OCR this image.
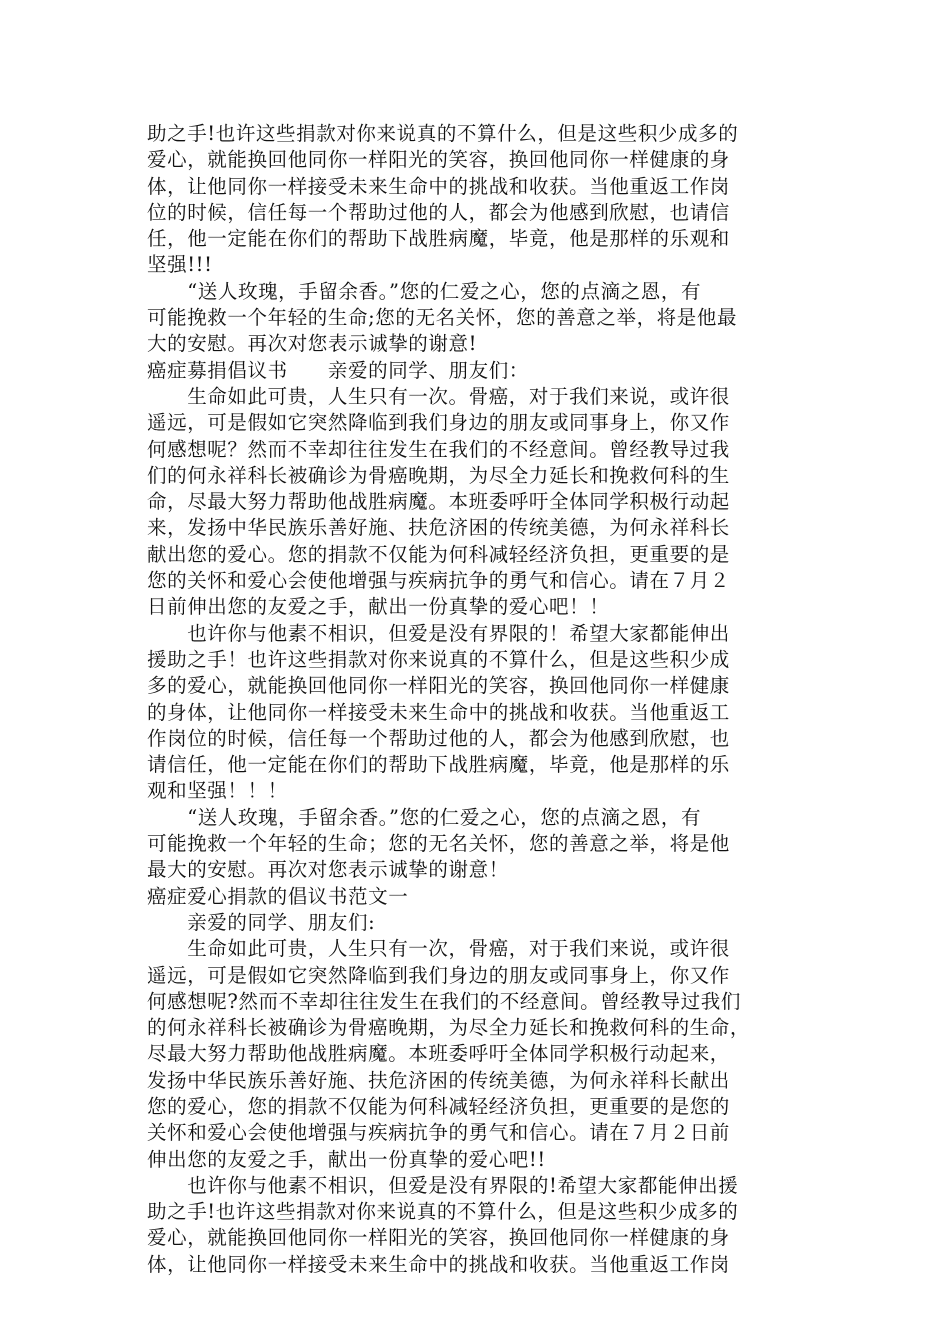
助之手!也许这些捐款对你来说真的不算什么，但是这些积少成多的
爱心，就能换回他同你一样阳光的笑容，换回他同你一样健康的身
体，让他同你一样接受未来生命中的挑战和收获。当他重返工作岗
位的时候，信任每一个帮助过他的人，都会为他感到欣慰，也请信
任，他一定能在你们的帮助下战胜病魔，毕竟，他是那样的乐观和
坚强!!!
　　“送人玫瑰，手留余香。”您的仁爱之心，您的点滴之恩，有
可能挽救一个年轻的生命;您的无名关怀，您的善意之举，将是他最
大的安慰。再次对您表示诚挚的谢意!
癌症募捐倡议书　　亲爱的同学、朋友们：
　　生命如此可贵，人生只有一次。骨癌，对于我们来说，或许很
遥远，可是假如它突然降临到我们身边的朋友或同事身上，你又作
何感想呢？然而不幸却往往发生在我们的不经意间。曾经教导过我
们的何永祥科长被确诊为骨癌晚期，为尽全力延长和挽救何科的生
命，尽最大努力帮助他战胜病魔。本班委呼吁全体同学积极行动起
来，发扬中华民族乐善好施、扶危济困的传统美德，为何永祥科长
献出您的爱心。您的捐款不仅能为何科减轻经济负担，更重要的是
您的关怀和爱心会使他增强与疾病抗争的勇气和信心。请在７月２
日前伸出您的友爱之手，献出一份真挚的爱心吧！！
　　也许你与他素不相识，但爱是没有界限的！希望大家都能伸出
援助之手！也许这些捐款对你来说真的不算什么，但是这些积少成
多的爱心，就能换回他同你一样阳光的笑容，换回他同你一样健康
的身体，让他同你一样接受未来生命中的挑战和收获。当他重返工
作岗位的时候，信任每一个帮助过他的人，都会为他感到欣慰，也
请信任，他一定能在你们的帮助下战胜病魔，毕竟，他是那样的乐
观和坚强！！！
　　“送人玫瑰，手留余香。”您的仁爱之心，您的点滴之恩，有
可能挽救一个年轻的生命；您的无名关怀，您的善意之举，将是他
最大的安慰。再次对您表示诚挚的谢意！
癌症爱心捐款的倡议书范文一
　　亲爱的同学、朋友们:
　　生命如此可贵，人生只有一次，骨癌，对于我们来说，或许很
遥远，可是假如它突然降临到我们身边的朋友或同事身上，你又作
何感想呢?然而不幸却往往发生在我们的不经意间。曾经教导过我们
的何永祥科长被确诊为骨癌晚期，为尽全力延长和挽救何科的生命，
尽最大努力帮助他战胜病魔。本班委呼吁全体同学积极行动起来，
发扬中华民族乐善好施、扶危济困的传统美德，为何永祥科长献出
您的爱心，您的捐款不仅能为何科减轻经济负担，更重要的是您的
关怀和爱心会使他增强与疾病抗争的勇气和信心。请在７月２日前
伸出您的友爱之手，献出一份真挚的爱心吧!!
　　也许你与他素不相识，但爱是没有界限的!希望大家都能伸出援
助之手!也许这些捐款对你来说真的不算什么，但是这些积少成多的
爱心，就能换回他同你一样阳光的笑容，换回他同你一样健康的身
体，让他同你一样接受未来生命中的挑战和收获。当他重返工作岗
